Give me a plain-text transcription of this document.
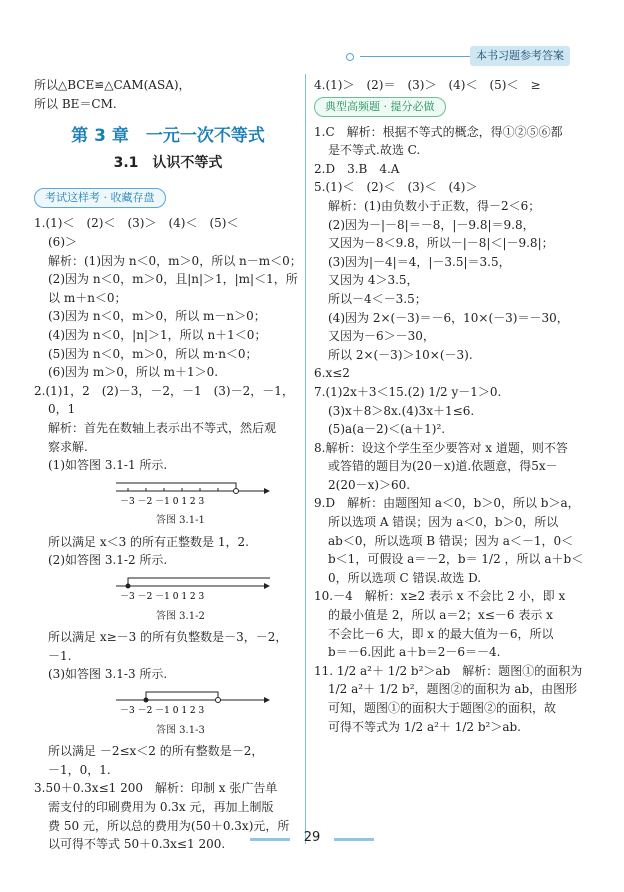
本书习题参考答案

所以△BCE≌△CAM(ASA)，

所以 BE＝CM.

第 3 章　一元一次不等式
3.1　认识不等式
考试这样考 · 收藏存盘

1.(1)＜　(2)＜　(3)＞　(4)＜　(5)＜

(6)＞

解析：(1)因为 n＜0，m＞0，所以 n－m＜0；

(2)因为 n＜0，m＞0，且|n|＞1，|m|＜1，所

以 m＋n＜0；

(3)因为 n＜0，m＞0，所以 m－n＞0；

(4)因为 n＜0，|n|＞1，所以 n＋1＜0；

(5)因为 n＜0，m＞0，所以 m·n＜0；

(6)因为 m＞0，所以 m＋1＞0.

2.(1)1，2　(2)－3，－2，－1　(3)－2，－1，

0，1

解析：首先在数轴上表示出不等式，然后观

察求解.

(1)如答图 3.1-1 所示.

－3 －2 －1 0 1 2 3
答图 3.1-1

所以满足 x＜3 的所有正整数是 1，2.

(2)如答图 3.1-2 所示.

－3 －2 －1 0 1 2 3
答图 3.1-2

所以满足 x≥－3 的所有负整数是－3，－2，

－1.

(3)如答图 3.1-3 所示.

－3 －2 －1 0 1 2 3
答图 3.1-3

所以满足 －2≤x＜2 的所有整数是－2，

－1，0，1.

3.50＋0.3x≤1 200　解析：印制 x 张广告单

需支付的印刷费用为 0.3x 元，再加上制版

费 50 元，所以总的费用为(50＋0.3x)元，所

以可得不等式 50＋0.3x≤1 200.

4.(1)＞　(2)＝　(3)＞　(4)＜　(5)＜　≥

典型高频题 · 提分必做

1.C　解析：根据不等式的概念，得①②⑤⑥都

是不等式.故选 C.

2.D　3.B　4.A

5.(1)＜　(2)＜　(3)＜　(4)＞

解析：(1)由负数小于正数，得－2＜6；

(2)因为－|－8|＝－8，|－9.8|＝9.8，

又因为－8＜9.8，所以－|－8|＜|－9.8|；

(3)因为|－4|＝4，|－3.5|＝3.5，

又因为 4＞3.5，

所以－4＜－3.5；

(4)因为 2×(－3)＝－6，10×(－3)＝－30，

又因为－6＞－30，

所以 2×(－3)＞10×(－3).

6.x≤2

7.(1)2x＋3＜15.(2) 1/2 y－1＞0.

(3)x＋8＞8x.(4)3x＋1≤6.

(5)a(a－2)＜(a＋1)².

8.解析：设这个学生至少要答对 x 道题，则不答

或答错的题目为(20－x)道.依题意，得5x－

2(20－x)＞60.

9.D　解析：由题图知 a＜0，b＞0，所以 b＞a，

所以选项 A 错误；因为 a＜0，b＞0，所以

ab＜0，所以选项 B 错误；因为 a＜－1，0＜

b＜1，可假设 a＝－2，b＝ 1/2 ，所以 a＋b＜

0，所以选项 C 错误.故选 D.

10.－4　解析：x≥2 表示 x 不会比 2 小，即 x

的最小值是 2，所以 a＝2；x≤－6 表示 x

不会比－6 大，即 x 的最大值为－6，所以

b＝－6.因此 a＋b＝2－6＝－4.

11. 1/2 a²＋ 1/2 b²＞ab　解析：题图①的面积为

1/2 a²＋ 1/2 b²，题图②的面积为 ab，由图形

可知，题图①的面积大于题图②的面积，故

可得不等式为 1/2 a²＋ 1/2 b²＞ab.

29
